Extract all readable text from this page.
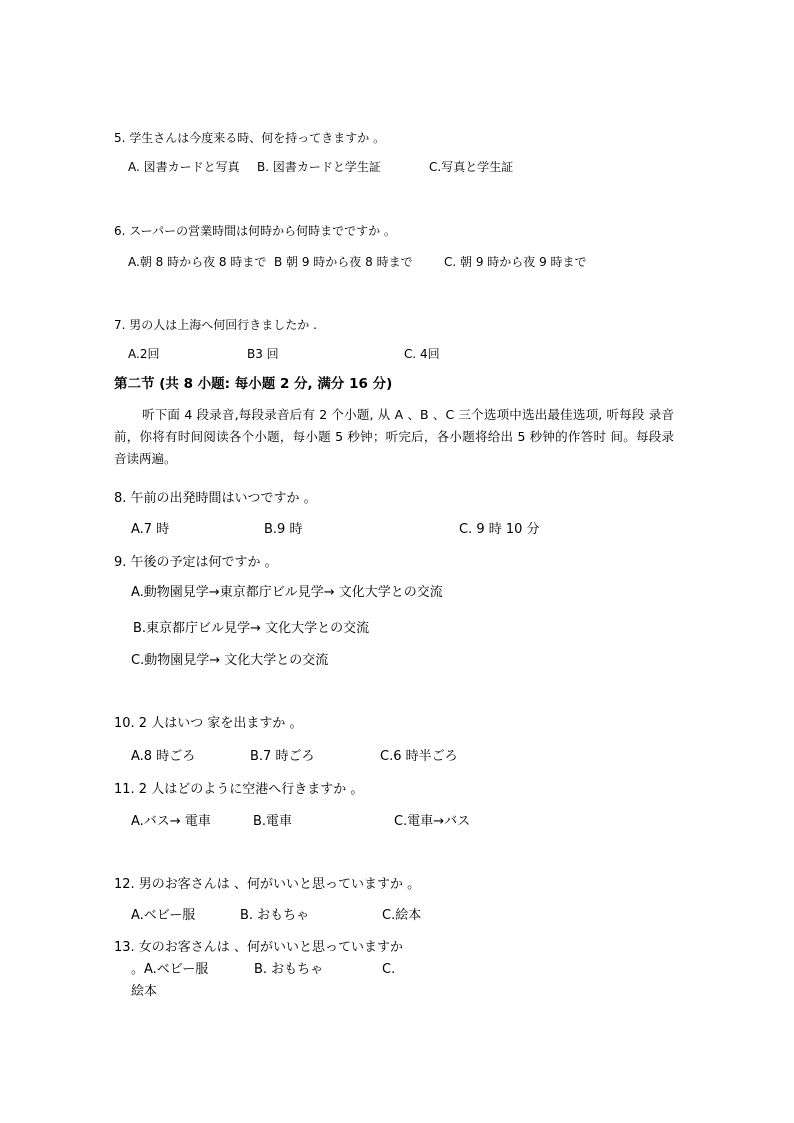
5. 学生さんは今度来る時、何を持ってきますか 。
A. 図書カードと写真 B. 図書カードと学生証	C.写真と学生証
6. スーパーの営業時間は何時から何時までですか 。
A.朝 8 時から夜 8 時まで B 朝 9 時から夜 8 時まで	C. 朝 9 時から夜 9 時まで
7. 男の人は上海へ何回行きましたか .
A.2回	B3 回	C. 4回
第二节 (共 8 小题: 每小题 2 分, 满分 16 分)
听下面 4 段录音,每段录音后有 2 个小题, 从 A 、B 、C 三个选项中选出最佳选项, 听每段 录音前，你将有时间阅读各个小题，每小题 5 秒钟；听完后，各小题将给出 5 秒钟的作答时 间。每段录音读两遍。
8. 午前の出発時間はいつですか 。
A.7 時	B.9 時	C. 9 時 10 分
9. 午後の予定は何ですか 。
A.動物園見学→東京都庁ビル見学→ 文化大学との交流
B.東京都庁ビル見学→ 文化大学との交流
C.動物園見学→ 文化大学との交流
10. 2 人はいつ 家を出ますか 。
A.8 時ごろ	B.7 時ごろ	C.6 時半ごろ
11. 2 人はどのように空港へ行きますか 。
A.バス→ 電車	B.電車	C.電車→バス
12. 男のお客さんは 、何がいいと思っていますか 。
A.ベビー服	B. おもちゃ	C.絵本
13. 女のお客さんは 、何がいいと思っていますか
。A.ベビー服	B. おもちゃ	C.
絵本
